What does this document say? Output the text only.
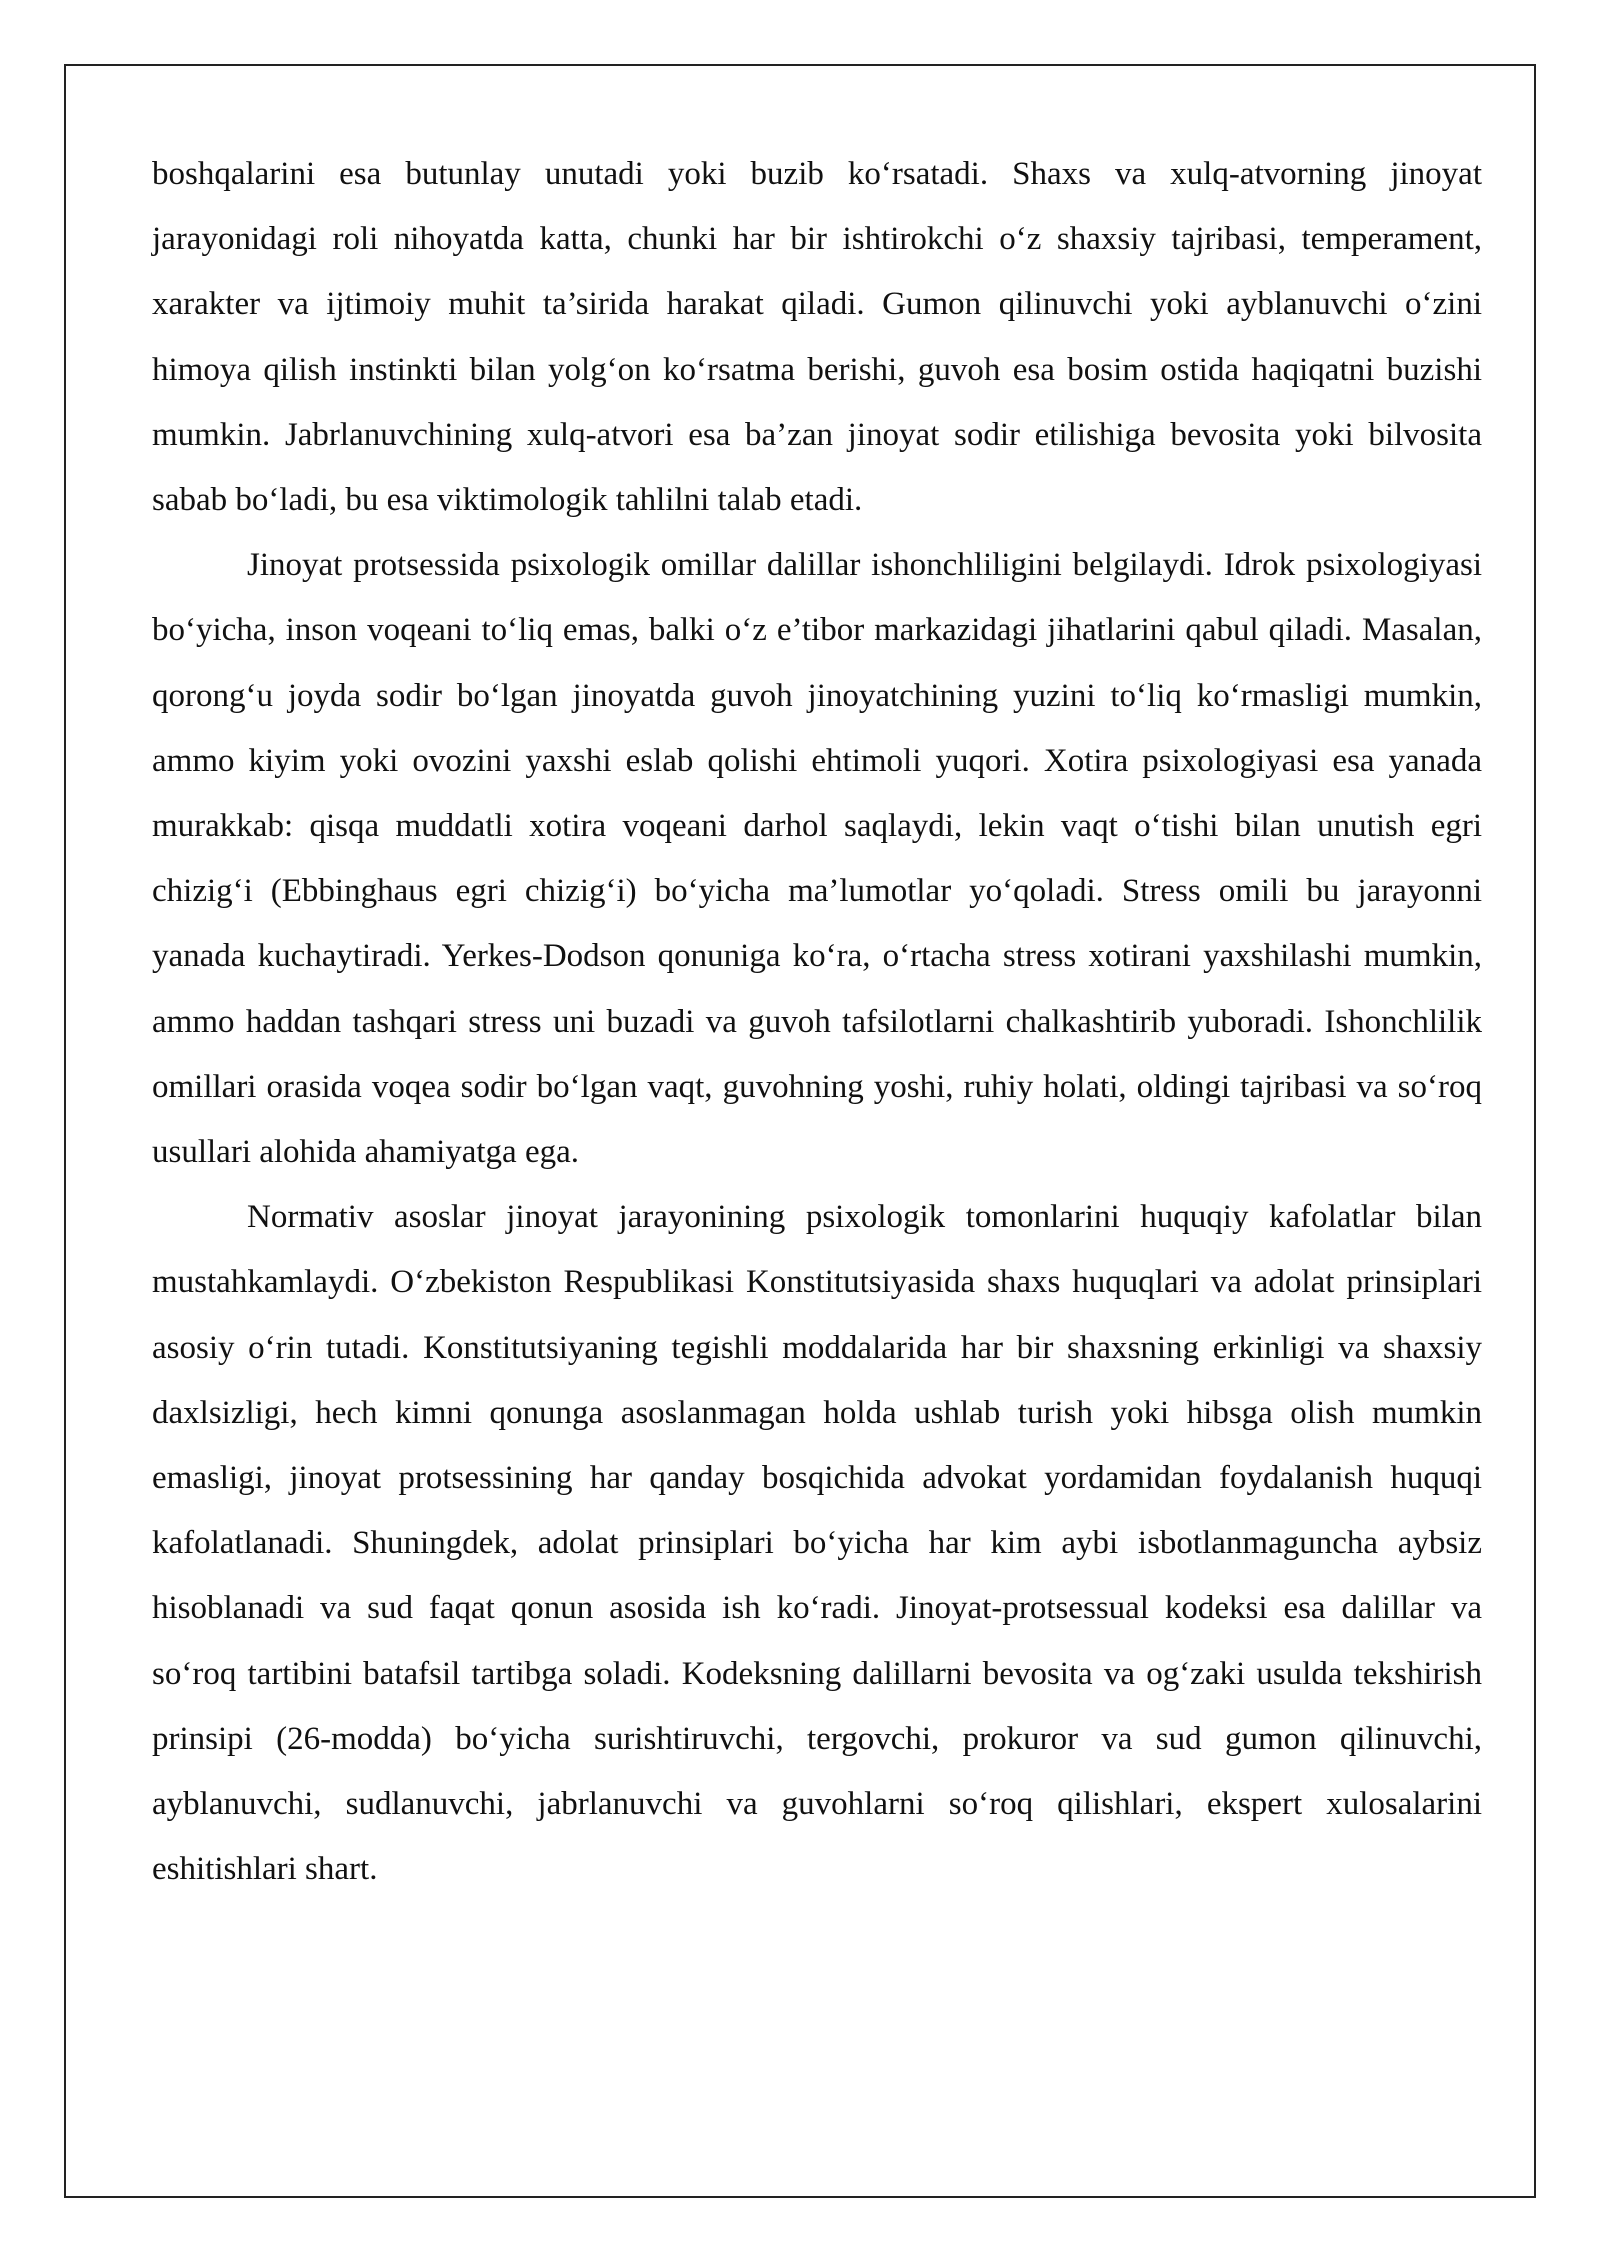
boshqalarini esa butunlay unutadi yoki buzib ko‘rsatadi. Shaxs va xulq-atvorning jinoyat jarayonidagi roli nihoyatda katta, chunki har bir ishtirokchi o‘z shaxsiy tajribasi, temperament, xarakter va ijtimoiy muhit ta’sirida harakat qiladi. Gumon qilinuvchi yoki ayblanuvchi o‘zini himoya qilish instinkti bilan yolg‘on ko‘rsatma berishi, guvoh esa bosim ostida haqiqatni buzishi mumkin. Jabrlanuvchining xulq-atvori esa ba’zan jinoyat sodir etilishiga bevosita yoki bilvosita sabab bo‘ladi, bu esa viktimologik tahlilni talab etadi.

Jinoyat protsessida psixologik omillar dalillar ishonchliligini belgilaydi. Idrok psixologiyasi bo‘yicha, inson voqeani to‘liq emas, balki o‘z e’tibor markazidagi jihatlarini qabul qiladi. Masalan, qorong‘u joyda sodir bo‘lgan jinoyatda guvoh jinoyatchining yuzini to‘liq ko‘rmasligi mumkin, ammo kiyim yoki ovozini yaxshi eslab qolishi ehtimoli yuqori. Xotira psixologiyasi esa yanada murakkab: qisqa muddatli xotira voqeani darhol saqlaydi, lekin vaqt o‘tishi bilan unutish egri chizig‘i (Ebbinghaus egri chizig‘i) bo‘yicha ma’lumotlar yo‘qoladi. Stress omili bu jarayonni yanada kuchaytiradi. Yerkes-Dodson qonuniga ko‘ra, o‘rtacha stress xotirani yaxshilashi mumkin, ammo haddan tashqari stress uni buzadi va guvoh tafsilotlarni chalkashtirib yuboradi. Ishonchlilik omillari orasida voqea sodir bo‘lgan vaqt, guvohning yoshi, ruhiy holati, oldingi tajribasi va so‘roq usullari alohida ahamiyatga ega.

Normativ asoslar jinoyat jarayonining psixologik tomonlarini huquqiy kafolatlar bilan mustahkamlaydi. O‘zbekiston Respublikasi Konstitutsiyasida shaxs huquqlari va adolat prinsiplari asosiy o‘rin tutadi. Konstitutsiyaning tegishli moddalarida har bir shaxsning erkinligi va shaxsiy daxlsizligi, hech kimni qonunga asoslanmagan holda ushlab turish yoki hibsga olish mumkin emasligi, jinoyat protsessining har qanday bosqichida advokat yordamidan foydalanish huquqi kafolatlanadi. Shuningdek, adolat prinsiplari bo‘yicha har kim aybi isbotlanmaguncha aybsiz hisoblanadi va sud faqat qonun asosida ish ko‘radi. Jinoyat-protsessual kodeksi esa dalillar va so‘roq tartibini batafsil tartibga soladi. Kodeksning dalillarni bevosita va og‘zaki usulda tekshirish prinsipi (26-modda) bo‘yicha surishtiruvchi, tergovchi, prokuror va sud gumon qilinuvchi, ayblanuvchi, sudlanuvchi, jabrlanuvchi va guvohlarni so‘roq qilishlari, ekspert xulosalarini eshitishlari shart.
